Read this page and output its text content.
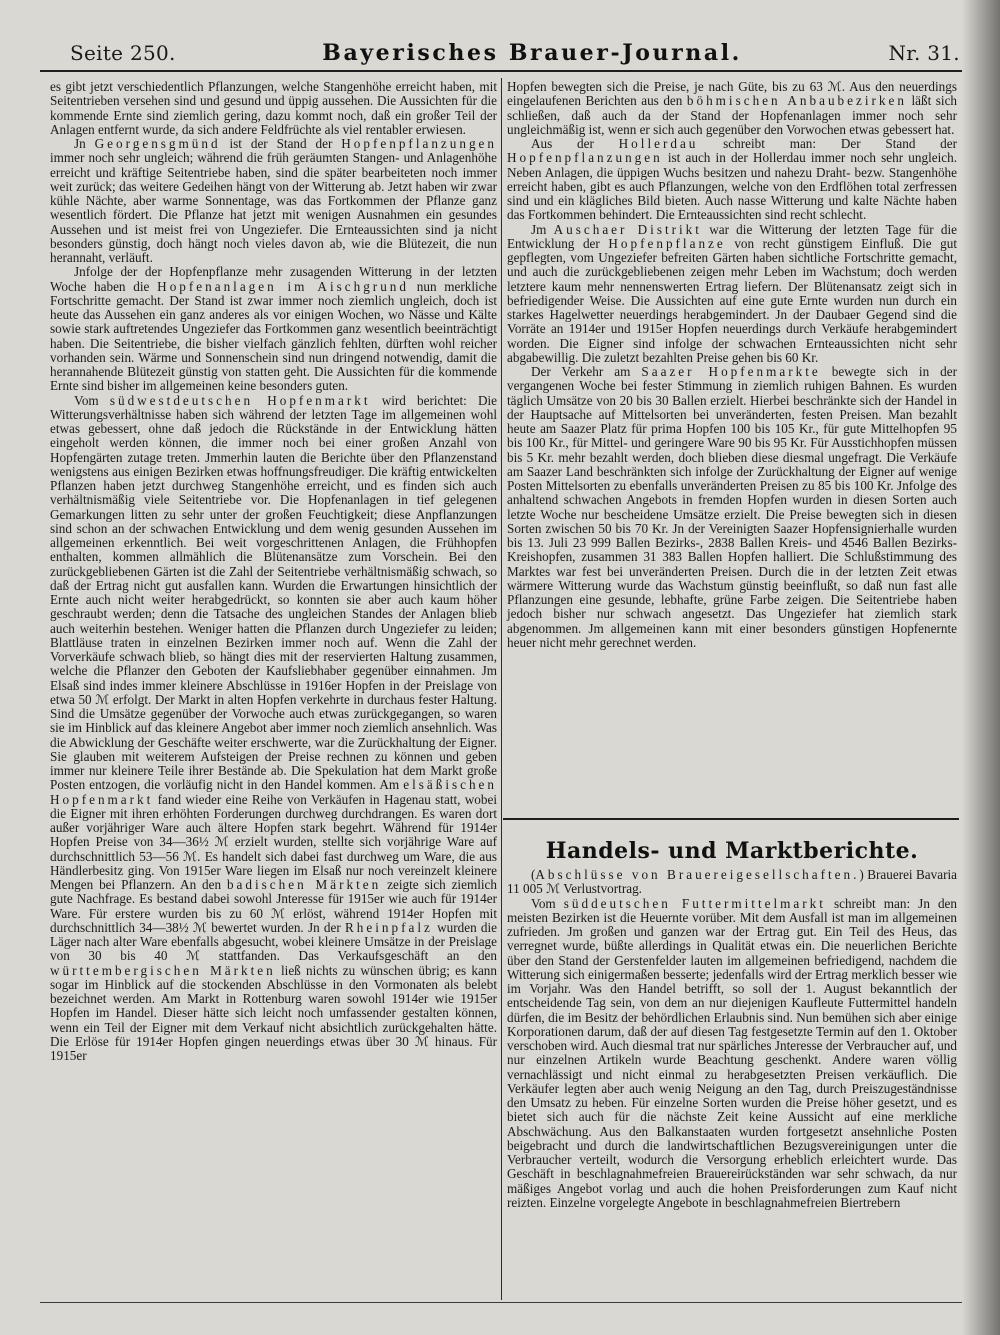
Seite 250.	Bayerisches Brauer-Journal.	Nr. 31.

es gibt jetzt verschiedentlich Pflanzungen, welche Stangenhöhe erreicht haben, mit Seitentrieben versehen sind und gesund und üppig aussehen. Die Aussichten für die kommende Ernte sind ziemlich gering, dazu kommt noch, daß ein großer Teil der Anlagen entfernt wurde, da sich andere Feldfrüchte als viel rentabler erwiesen.

Jn Georgensgmünd ist der Stand der Hopfenpflanzungen immer noch sehr ungleich; während die früh geräumten Stangen- und Anlagenhöhe erreicht und kräftige Seitentriebe haben, sind die später bearbeiteten noch immer weit zurück; das weitere Gedeihen hängt von der Witterung ab. Jetzt haben wir zwar kühle Nächte, aber warme Sonnentage, was das Fortkommen der Pflanze ganz wesentlich fördert. Die Pflanze hat jetzt mit wenigen Ausnahmen ein gesundes Aussehen und ist meist frei von Ungeziefer. Die Ernteaussichten sind ja nicht besonders günstig, doch hängt noch vieles davon ab, wie die Blütezeit, die nun herannaht, verläuft.

Jnfolge der der Hopfenpflanze mehr zusagenden Witterung in der letzten Woche haben die Hopfenanlagen im Aischgrund nun merkliche Fortschritte gemacht. Der Stand ist zwar immer noch ziemlich ungleich, doch ist heute das Aussehen ein ganz anderes als vor einigen Wochen, wo Nässe und Kälte sowie stark auftretendes Ungeziefer das Fortkommen ganz wesentlich beeinträchtigt haben. Die Seitentriebe, die bisher vielfach gänzlich fehlten, dürften wohl reicher vorhanden sein. Wärme und Sonnenschein sind nun dringend notwendig, damit die herannahende Blütezeit günstig von statten geht. Die Aussichten für die kommende Ernte sind bisher im allgemeinen keine besonders guten.

Vom südwestdeutschen Hopfenmarkt wird berichtet: Die Witterungsverhältnisse haben sich während der letzten Tage im allgemeinen wohl etwas gebessert, ohne daß jedoch die Rückstände in der Entwicklung hätten eingeholt werden können, die immer noch bei einer großen Anzahl von Hopfengärten zutage treten. Jmmerhin lauten die Berichte über den Pflanzenstand wenigstens aus einigen Bezirken etwas hoffnungsfreudiger. Die kräftig entwickelten Pflanzen haben jetzt durchweg Stangenhöhe erreicht, und es finden sich auch verhältnismäßig viele Seitentriebe vor. Die Hopfenanlagen in tief gelegenen Gemarkungen litten zu sehr unter der großen Feuchtigkeit; diese Anpflanzungen sind schon an der schwachen Entwicklung und dem wenig gesunden Aussehen im allgemeinen erkenntlich. Bei weit vorgeschrittenen Anlagen, die Frühhopfen enthalten, kommen allmählich die Blütenansätze zum Vorschein. Bei den zurückgebliebenen Gärten ist die Zahl der Seitentriebe verhältnismäßig schwach, so daß der Ertrag nicht gut ausfallen kann. Wurden die Erwartungen hinsichtlich der Ernte auch nicht weiter herabgedrückt, so konnten sie aber auch kaum höher geschraubt werden; denn die Tatsache des ungleichen Standes der Anlagen blieb auch weiterhin bestehen. Weniger hatten die Pflanzen durch Ungeziefer zu leiden; Blattläuse traten in einzelnen Bezirken immer noch auf. Wenn die Zahl der Vorverkäufe schwach blieb, so hängt dies mit der reservierten Haltung zusammen, welche die Pflanzer den Geboten der Kaufsliebhaber gegenüber einnahmen. Jm Elsaß sind indes immer kleinere Abschlüsse in 1916er Hopfen in der Preislage von etwa 50 ℳ erfolgt. Der Markt in alten Hopfen verkehrte in durchaus fester Haltung. Sind die Umsätze gegenüber der Vorwoche auch etwas zurückgegangen, so waren sie im Hinblick auf das kleinere Angebot aber immer noch ziemlich ansehnlich. Was die Abwicklung der Geschäfte weiter erschwerte, war die Zurückhaltung der Eigner. Sie glauben mit weiterem Aufsteigen der Preise rechnen zu können und geben immer nur kleinere Teile ihrer Bestände ab. Die Spekulation hat dem Markt große Posten entzogen, die vorläufig nicht in den Handel kommen. Am elsäßischen Hopfenmarkt fand wieder eine Reihe von Verkäufen in Hagenau statt, wobei die Eigner mit ihren erhöhten Forderungen durchweg durchdrangen. Es waren dort außer vorjähriger Ware auch ältere Hopfen stark begehrt. Während für 1914er Hopfen Preise von 34—36½ ℳ erzielt wurden, stellte sich vorjährige Ware auf durchschnittlich 53—56 ℳ. Es handelt sich dabei fast durchweg um Ware, die aus Händlerbesitz ging. Von 1915er Ware liegen im Elsaß nur noch vereinzelt kleinere Mengen bei Pflanzern. An den badischen Märkten zeigte sich ziemlich gute Nachfrage. Es bestand dabei sowohl Jnteresse für 1915er wie auch für 1914er Ware. Für erstere wurden bis zu 60 ℳ erlöst, während 1914er Hopfen mit durchschnittlich 34—38½ ℳ bewertet wurden. Jn der Rheinpfalz wurden die Läger nach alter Ware ebenfalls abgesucht, wobei kleinere Umsätze in der Preislage von 30 bis 40 ℳ stattfanden. Das Verkaufsgeschäft an den württembergischen Märkten ließ nichts zu wünschen übrig; es kann sogar im Hinblick auf die stockenden Abschlüsse in den Vormonaten als belebt bezeichnet werden. Am Markt in Rottenburg waren sowohl 1914er wie 1915er Hopfen im Handel. Dieser hätte sich leicht noch umfassender gestalten können, wenn ein Teil der Eigner mit dem Verkauf nicht absichtlich zurückgehalten hätte. Die Erlöse für 1914er Hopfen gingen neuerdings etwas über 30 ℳ hinaus. Für 1915er

Hopfen bewegten sich die Preise, je nach Güte, bis zu 63 ℳ. Aus den neuerdings eingelaufenen Berichten aus den böhmischen Anbaubezirken läßt sich schließen, daß auch da der Stand der Hopfenanlagen immer noch sehr ungleichmäßig ist, wenn er sich auch gegenüber den Vorwochen etwas gebessert hat.

Aus der Hollerdau schreibt man: Der Stand der Hopfenpflanzungen ist auch in der Hollerdau immer noch sehr ungleich. Neben Anlagen, die üppigen Wuchs besitzen und nahezu Draht- bezw. Stangenhöhe erreicht haben, gibt es auch Pflanzungen, welche von den Erdflöhen total zerfressen sind und ein klägliches Bild bieten. Auch nasse Witterung und kalte Nächte haben das Fortkommen behindert. Die Ernteaussichten sind recht schlecht.

Jm Auschaer Distrikt war die Witterung der letzten Tage für die Entwicklung der Hopfenpflanze von recht günstigem Einfluß. Die gut gepflegten, vom Ungeziefer befreiten Gärten haben sichtliche Fortschritte gemacht, und auch die zurückgebliebenen zeigen mehr Leben im Wachstum; doch werden letztere kaum mehr nennenswerten Ertrag liefern. Der Blütenansatz zeigt sich in befriedigender Weise. Die Aussichten auf eine gute Ernte wurden nun durch ein starkes Hagelwetter neuerdings herabgemindert. Jn der Daubaer Gegend sind die Vorräte an 1914er und 1915er Hopfen neuerdings durch Verkäufe herabgemindert worden. Die Eigner sind infolge der schwachen Ernteaussichten nicht sehr abgabewillig. Die zuletzt bezahlten Preise gehen bis 60 Kr.

Der Verkehr am Saazer Hopfenmarkte bewegte sich in der vergangenen Woche bei fester Stimmung in ziemlich ruhigen Bahnen. Es wurden täglich Umsätze von 20 bis 30 Ballen erzielt. Hierbei beschränkte sich der Handel in der Hauptsache auf Mittelsorten bei unveränderten, festen Preisen. Man bezahlt heute am Saazer Platz für prima Hopfen 100 bis 105 Kr., für gute Mittelhopfen 95 bis 100 Kr., für Mittel- und geringere Ware 90 bis 95 Kr. Für Ausstichhopfen müssen bis 5 Kr. mehr bezahlt werden, doch blieben diese diesmal ungefragt. Die Verkäufe am Saazer Land beschränkten sich infolge der Zurückhaltung der Eigner auf wenige Posten Mittelsorten zu ebenfalls unveränderten Preisen zu 85 bis 100 Kr. Jnfolge des anhaltend schwachen Angebots in fremden Hopfen wurden in diesen Sorten auch letzte Woche nur bescheidene Umsätze erzielt. Die Preise bewegten sich in diesen Sorten zwischen 50 bis 70 Kr. Jn der Vereinigten Saazer Hopfensignierhalle wurden bis 13. Juli 23 999 Ballen Bezirks-, 2838 Ballen Kreis- und 4546 Ballen Bezirks-Kreishopfen, zusammen 31 383 Ballen Hopfen halliert. Die Schlußstimmung des Marktes war fest bei unveränderten Preisen. Durch die in der letzten Zeit etwas wärmere Witterung wurde das Wachstum günstig beeinflußt, so daß nun fast alle Pflanzungen eine gesunde, lebhafte, grüne Farbe zeigen. Die Seitentriebe haben jedoch bisher nur schwach angesetzt. Das Ungeziefer hat ziemlich stark abgenommen. Jm allgemeinen kann mit einer besonders günstigen Hopfenernte heuer nicht mehr gerechnet werden.

Handels- und Marktberichte.

(Abschlüsse von Brauereigesellschaften.) Brauerei Bavaria 11 005 ℳ Verlustvortrag.

Vom süddeutschen Futtermittelmarkt schreibt man: Jn den meisten Bezirken ist die Heuernte vorüber. Mit dem Ausfall ist man im allgemeinen zufrieden. Jm großen und ganzen war der Ertrag gut. Ein Teil des Heus, das verregnet wurde, büßte allerdings in Qualität etwas ein. Die neuerlichen Berichte über den Stand der Gerstenfelder lauten im allgemeinen befriedigend, nachdem die Witterung sich einigermaßen besserte; jedenfalls wird der Ertrag merklich besser wie im Vorjahr. Was den Handel betrifft, so soll der 1. August bekanntlich der entscheidende Tag sein, von dem an nur diejenigen Kaufleute Futtermittel handeln dürfen, die im Besitz der behördlichen Erlaubnis sind. Nun bemühen sich aber einige Korporationen darum, daß der auf diesen Tag festgesetzte Termin auf den 1. Oktober verschoben wird. Auch diesmal trat nur spärliches Jnteresse der Verbraucher auf, und nur einzelnen Artikeln wurde Beachtung geschenkt. Andere waren völlig vernachlässigt und nicht einmal zu herabgesetzten Preisen verkäuflich. Die Verkäufer legten aber auch wenig Neigung an den Tag, durch Preiszugeständnisse den Umsatz zu heben. Für einzelne Sorten wurden die Preise höher gesetzt, und es bietet sich auch für die nächste Zeit keine Aussicht auf eine merkliche Abschwächung. Aus den Balkanstaaten wurden fortgesetzt ansehnliche Posten beigebracht und durch die landwirtschaftlichen Bezugsvereinigungen unter die Verbraucher verteilt, wodurch die Versorgung erheblich erleichtert wurde. Das Geschäft in beschlagnahmefreien Brauereirückständen war sehr schwach, da nur mäßiges Angebot vorlag und auch die hohen Preisforderungen zum Kauf nicht reizten. Einzelne vorgelegte Angebote in beschlagnahmefreien Biertrebern
